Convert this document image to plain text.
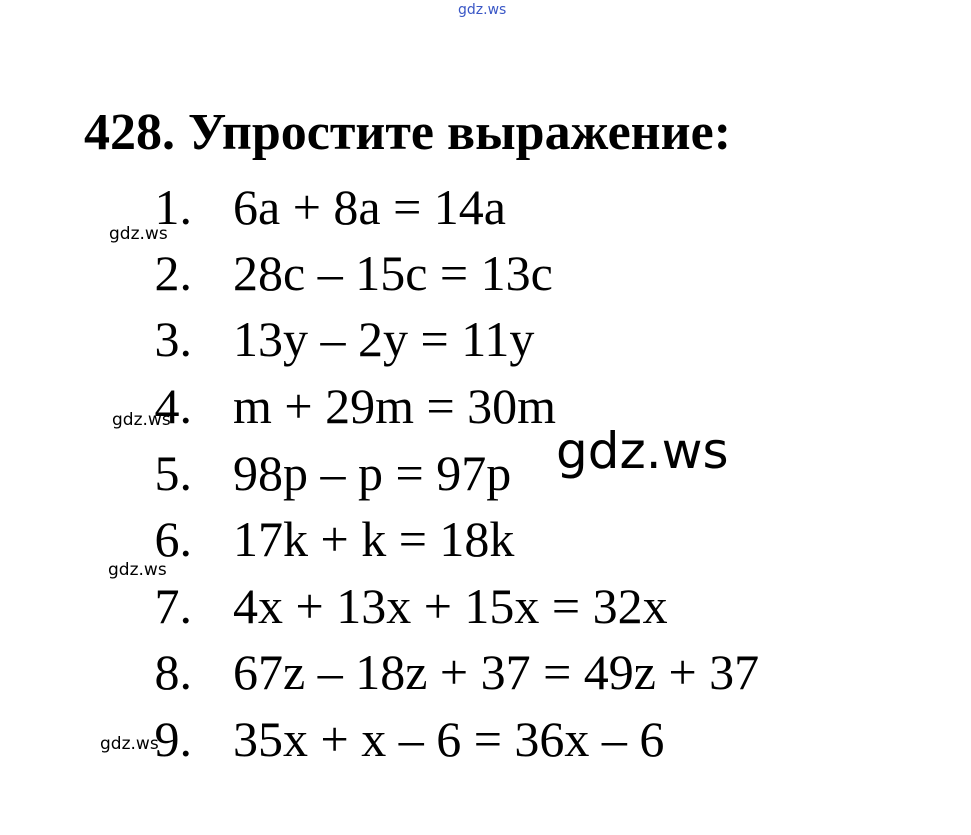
gdz.ws
428. Упростите выражение:
1. 6a + 8a = 14a
2. 28c – 15c = 13c
3. 13y – 2y = 11y
4. m + 29m = 30m
5. 98p – p = 97p
6. 17k + k = 18k
7. 4x + 13x + 15x = 32x
8. 67z – 18z + 37 = 49z + 37
9. 35x + x – 6 = 36x – 6
gdz.ws
gdz.ws
gdz.ws
gdz.ws
gdz.ws
